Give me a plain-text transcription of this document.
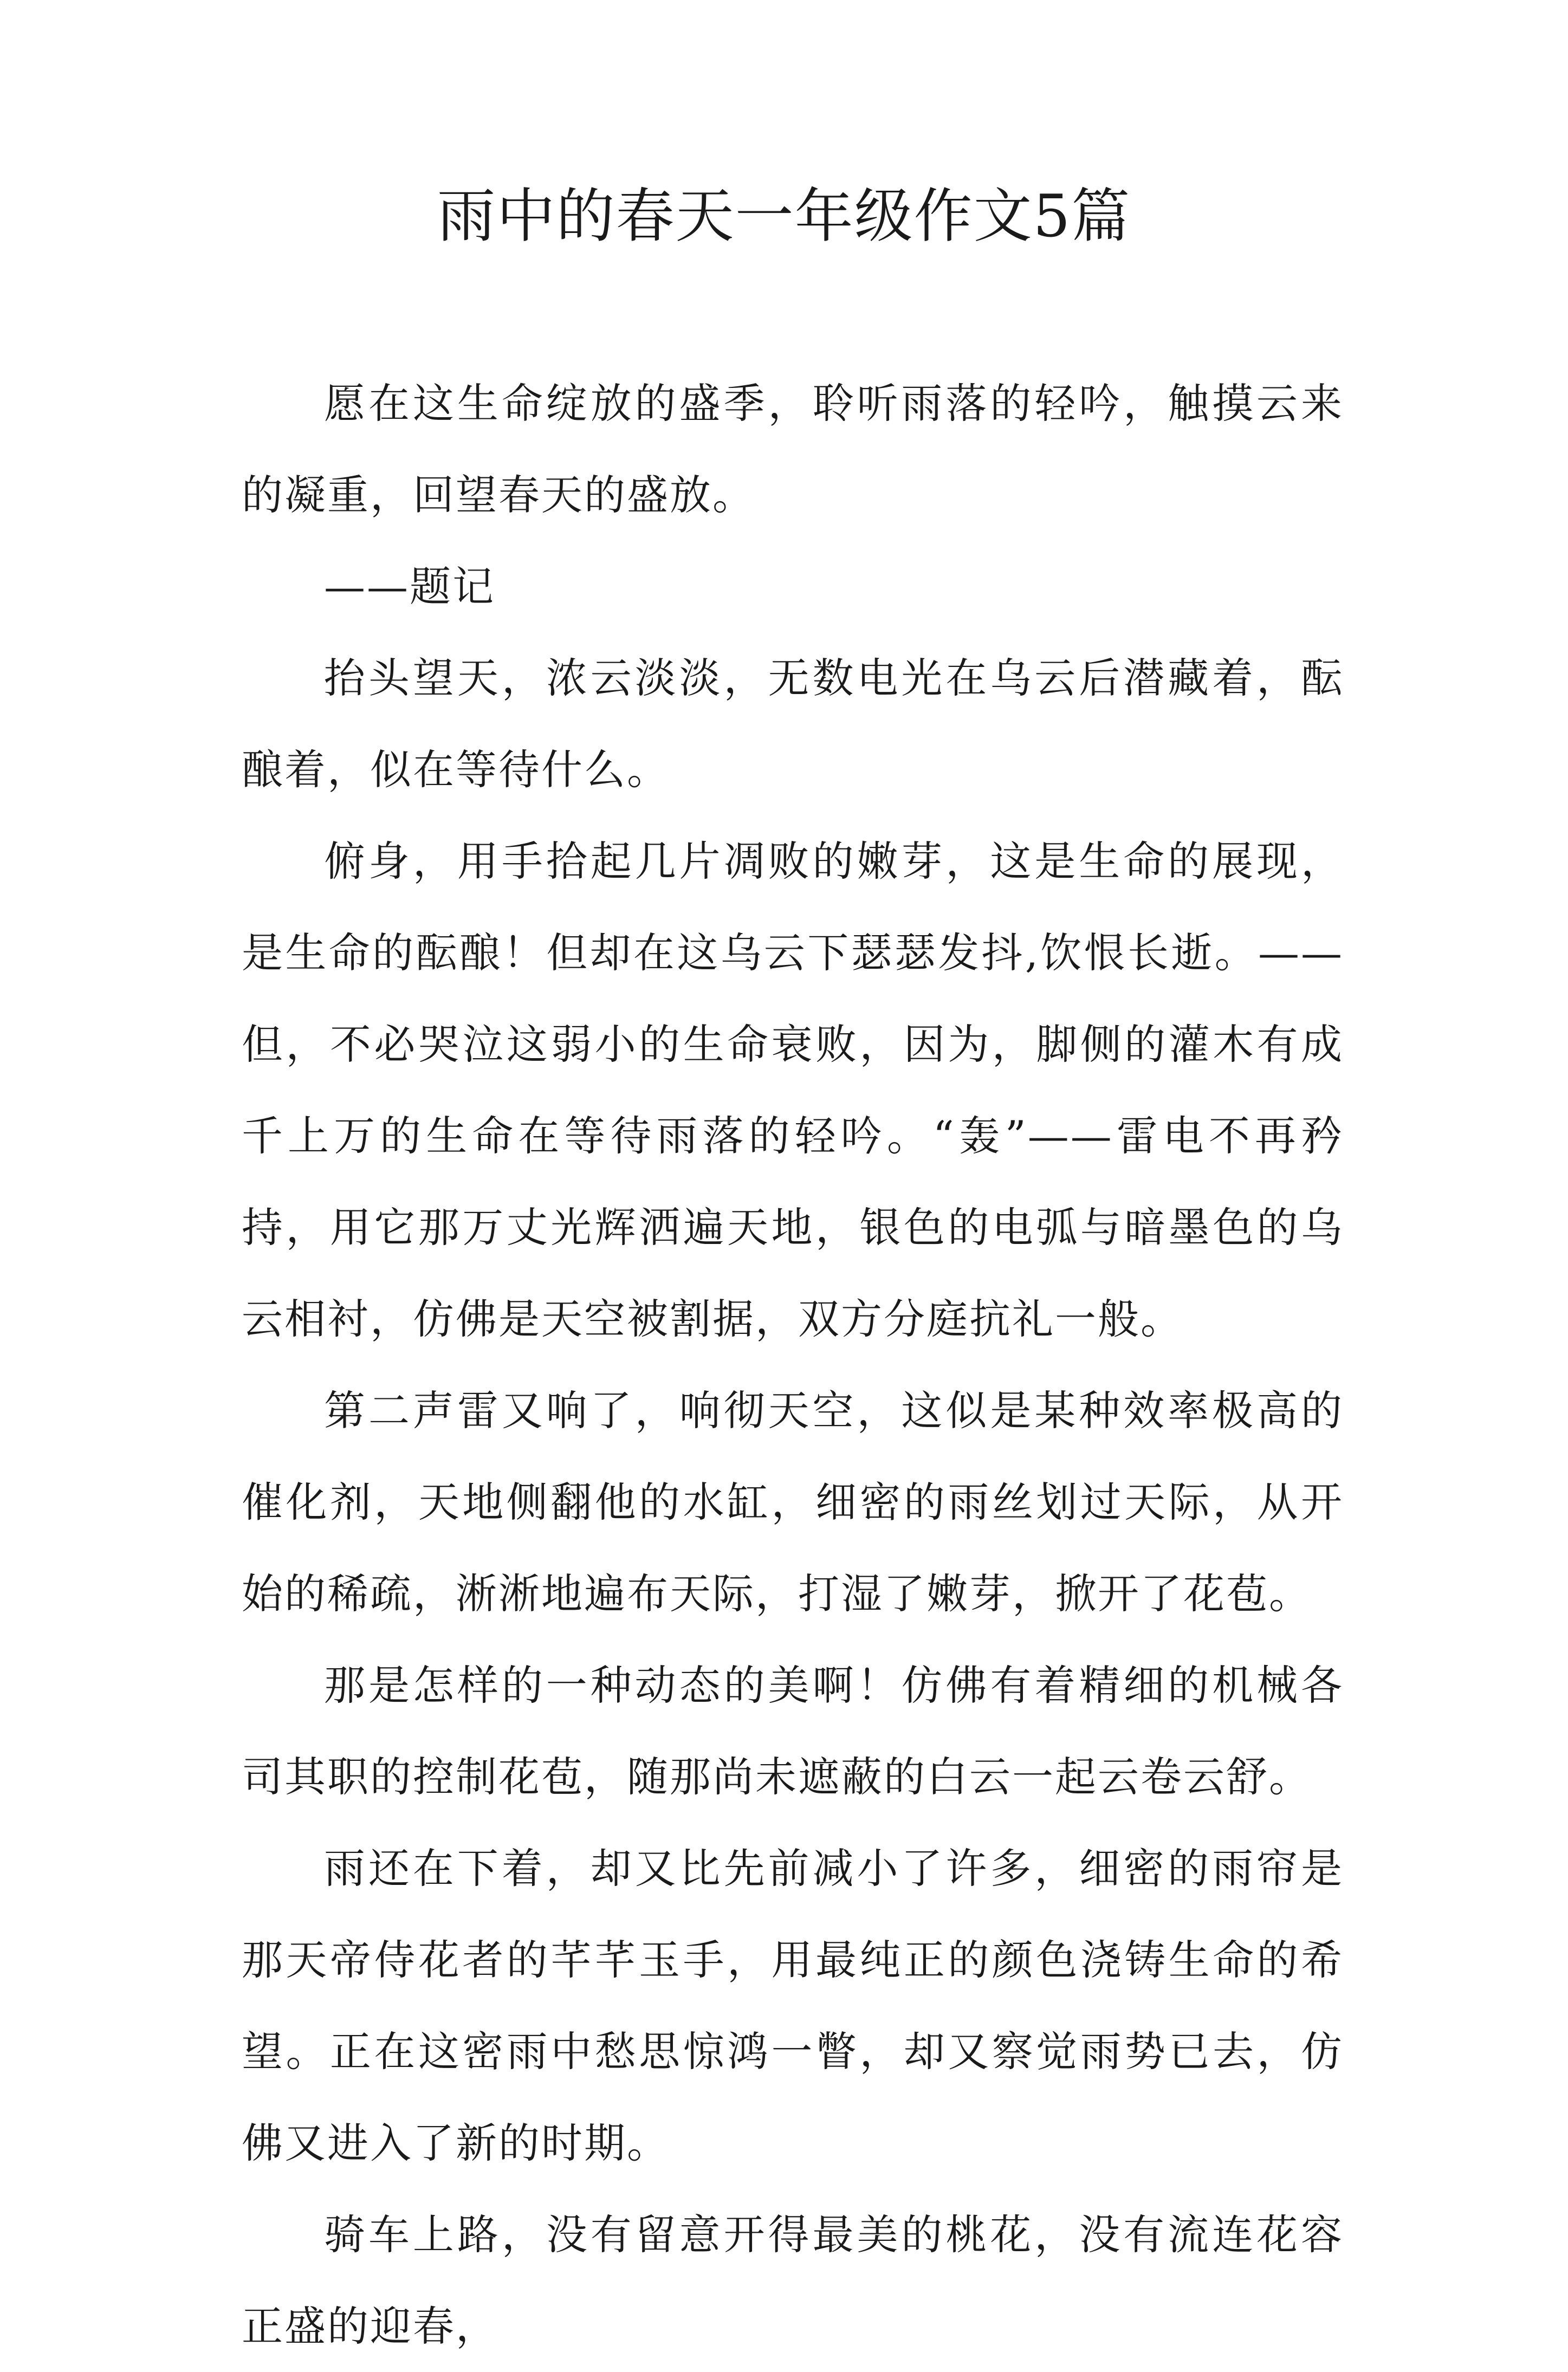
雨中的春天一年级作文5篇

愿在这生命绽放的盛季，聆听雨落的轻吟，触摸云来的凝重，回望春天的盛放。

——题记

抬头望天，浓云淡淡，无数电光在乌云后潜藏着，酝酿着，似在等待什么。

俯身，用手拾起几片凋败的嫩芽，这是生命的展现，是生命的酝酿！但却在这乌云下瑟瑟发抖,饮恨长逝。——但，不必哭泣这弱小的生命衰败，因为，脚侧的灌木有成千上万的生命在等待雨落的轻吟。“轰”——雷电不再矜持，用它那万丈光辉洒遍天地，银色的电弧与暗墨色的乌云相衬，仿佛是天空被割据，双方分庭抗礼一般。

第二声雷又响了，响彻天空，这似是某种效率极高的催化剂，天地侧翻他的水缸，细密的雨丝划过天际，从开始的稀疏，淅淅地遍布天际，打湿了嫩芽，掀开了花苞。

那是怎样的一种动态的美啊！仿佛有着精细的机械各司其职的控制花苞，随那尚未遮蔽的白云一起云卷云舒。

雨还在下着，却又比先前减小了许多，细密的雨帘是那天帝侍花者的芊芊玉手，用最纯正的颜色浇铸生命的希望。正在这密雨中愁思惊鸿一瞥，却又察觉雨势已去，仿佛又进入了新的时期。

骑车上路，没有留意开得最美的桃花，没有流连花容正盛的迎春，
